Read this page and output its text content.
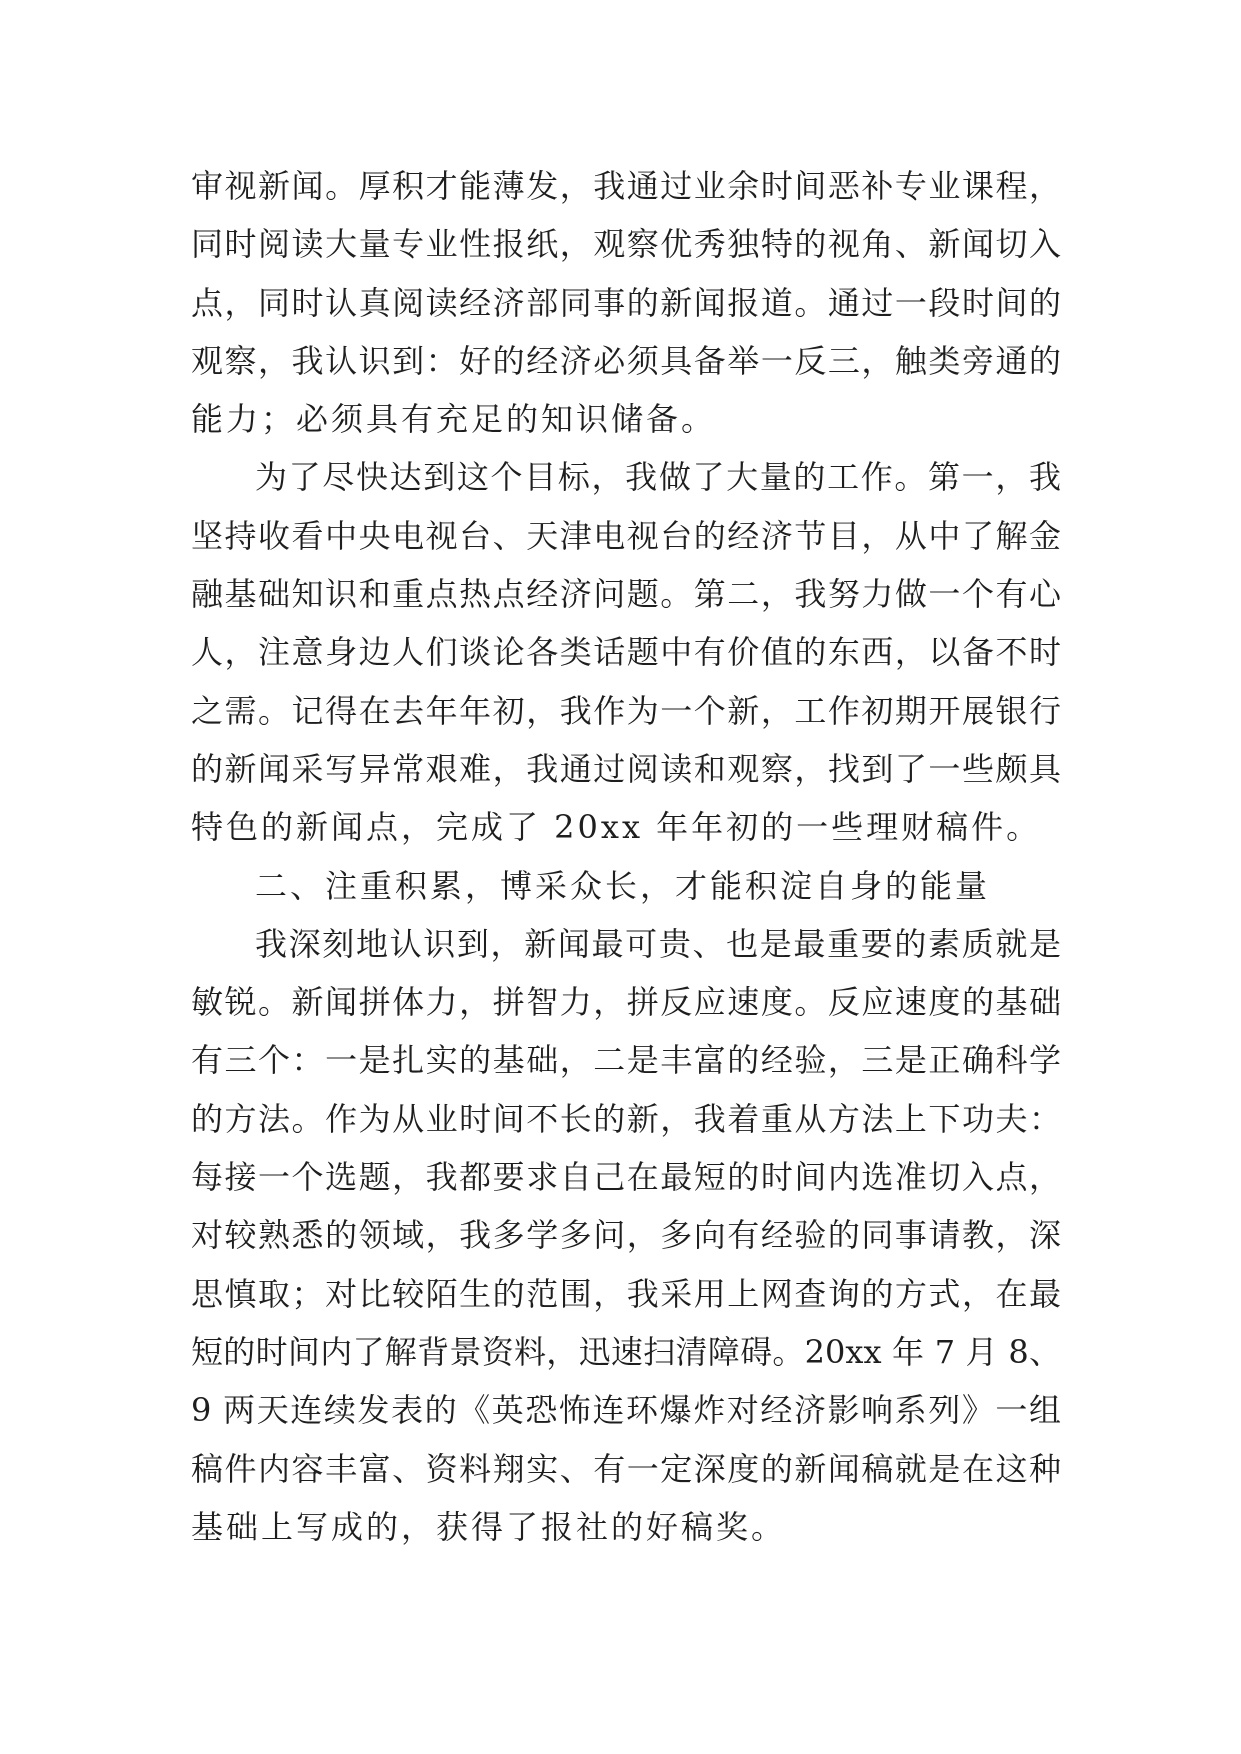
审视新闻。厚积才能薄发，我通过业余时间恶补专业课程，
同时阅读大量专业性报纸，观察优秀独特的视角、新闻切入
点，同时认真阅读经济部同事的新闻报道。通过一段时间的
观察，我认识到：好的经济必须具备举一反三，触类旁通的
能力；必须具有充足的知识储备。
为了尽快达到这个目标，我做了大量的工作。第一，我
坚持收看中央电视台、天津电视台的经济节目，从中了解金
融基础知识和重点热点经济问题。第二，我努力做一个有心
人，注意身边人们谈论各类话题中有价值的东西，以备不时
之需。记得在去年年初，我作为一个新，工作初期开展银行
的新闻采写异常艰难，我通过阅读和观察，找到了一些颇具
特色的新闻点，完成了 20xx 年年初的一些理财稿件。
二、注重积累，博采众长，才能积淀自身的能量
我深刻地认识到，新闻最可贵、也是最重要的素质就是
敏锐。新闻拼体力，拼智力，拼反应速度。反应速度的基础
有三个：一是扎实的基础，二是丰富的经验，三是正确科学
的方法。作为从业时间不长的新，我着重从方法上下功夫：
每接一个选题，我都要求自己在最短的时间内选准切入点，
对较熟悉的领域，我多学多问，多向有经验的同事请教，深
思慎取；对比较陌生的范围，我采用上网查询的方式，在最
短的时间内了解背景资料，迅速扫清障碍。20xx 年 7 月 8、
9 两天连续发表的《英恐怖连环爆炸对经济影响系列》一组
稿件内容丰富、资料翔实、有一定深度的新闻稿就是在这种
基础上写成的，获得了报社的好稿奖。
